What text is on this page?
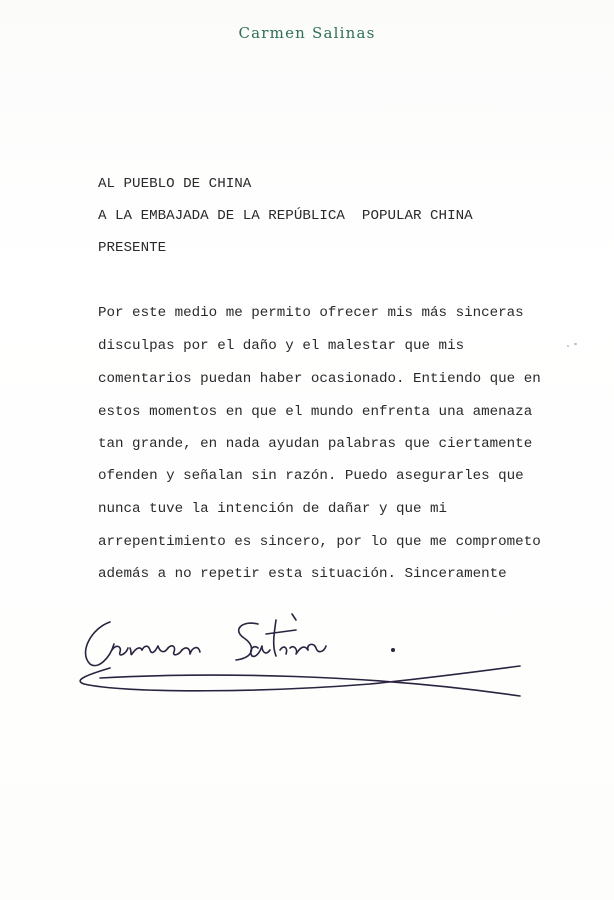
Carmen Salinas
AL PUEBLO DE CHINA
A LA EMBAJADA DE LA REPÚBLICA  POPULAR CHINA
PRESENTE
Por este medio me permito ofrecer mis más sinceras
disculpas por el daño y el malestar que mis
comentarios puedan haber ocasionado. Entiendo que en
estos momentos en que el mundo enfrenta una amenaza
tan grande, en nada ayudan palabras que ciertamente
ofenden y señalan sin razón. Puedo asegurarles que
nunca tuve la intención de dañar y que mi
arrepentimiento es sincero, por lo que me comprometo
además a no repetir esta situación. Sinceramente
